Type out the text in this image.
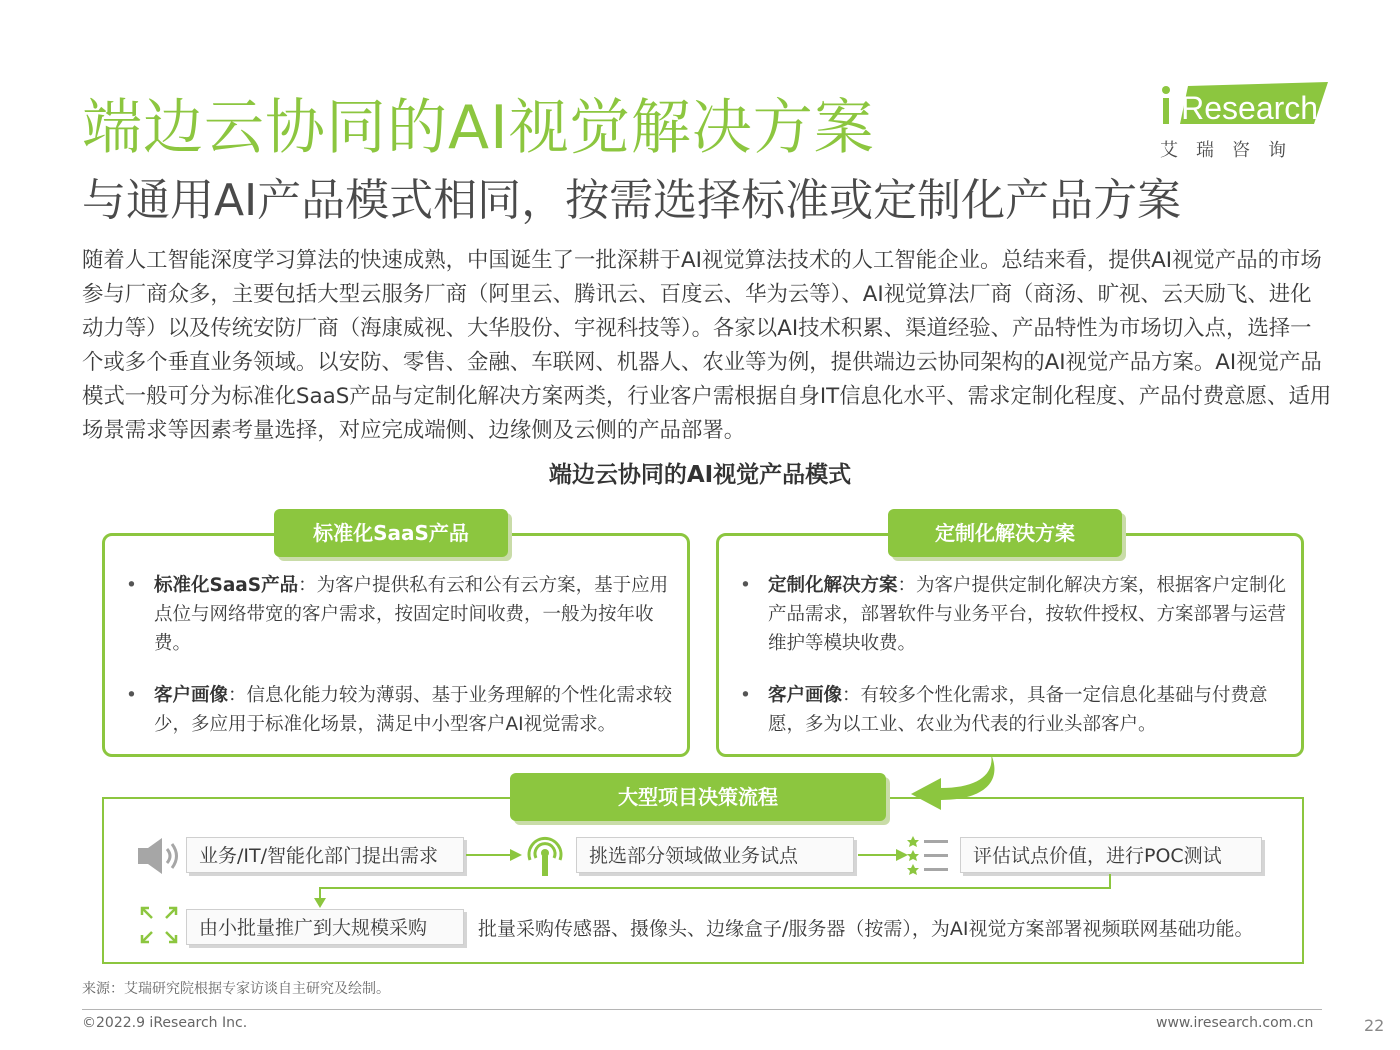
端边云协同的AI视觉解决方案
与通用AI产品模式相同，按需选择标准或定制化产品方案
iResearch
艾瑞咨询
随着人工智能深度学习算法的快速成熟，中国诞生了一批深耕于AI视觉算法技术的人工智能企业。总结来看，提供AI视觉产品的市场参与厂商众多，主要包括大型云服务厂商（阿里云、腾讯云、百度云、华为云等）、AI视觉算法厂商（商汤、旷视、云天励飞、进化动力等）以及传统安防厂商（海康威视、大华股份、宇视科技等）。各家以AI技术积累、渠道经验、产品特性为市场切入点，选择一个或多个垂直业务领域。以安防、零售、金融、车联网、机器人、农业等为例，提供端边云协同架构的AI视觉产品方案。AI视觉产品模式一般可分为标准化SaaS产品与定制化解决方案两类，行业客户需根据自身IT信息化水平、需求定制化程度、产品付费意愿、适用场景需求等因素考量选择，对应完成端侧、边缘侧及云侧的产品部署。
端边云协同的AI视觉产品模式
标准化SaaS产品
• 标准化SaaS产品：为客户提供私有云和公有云方案，基于应用点位与网络带宽的客户需求，按固定时间收费，一般为按年收费。
• 客户画像：信息化能力较为薄弱、基于业务理解的个性化需求较少，多应用于标准化场景，满足中小型客户AI视觉需求。
定制化解决方案
• 定制化解决方案：为客户提供定制化解决方案，根据客户定制化产品需求，部署软件与业务平台，按软件授权、方案部署与运营维护等模块收费。
• 客户画像：有较多个性化需求，具备一定信息化基础与付费意愿，多为以工业、农业为代表的行业头部客户。
大型项目决策流程
业务/IT/智能化部门提出需求	挑选部分领域做业务试点	评估试点价值，进行POC测试
由小批量推广到大规模采购	批量采购传感器、摄像头、边缘盒子/服务器（按需），为AI视觉方案部署视频联网基础功能。
来源：艾瑞研究院根据专家访谈自主研究及绘制。
©2022.9 iResearch Inc.	www.iresearch.com.cn	22
